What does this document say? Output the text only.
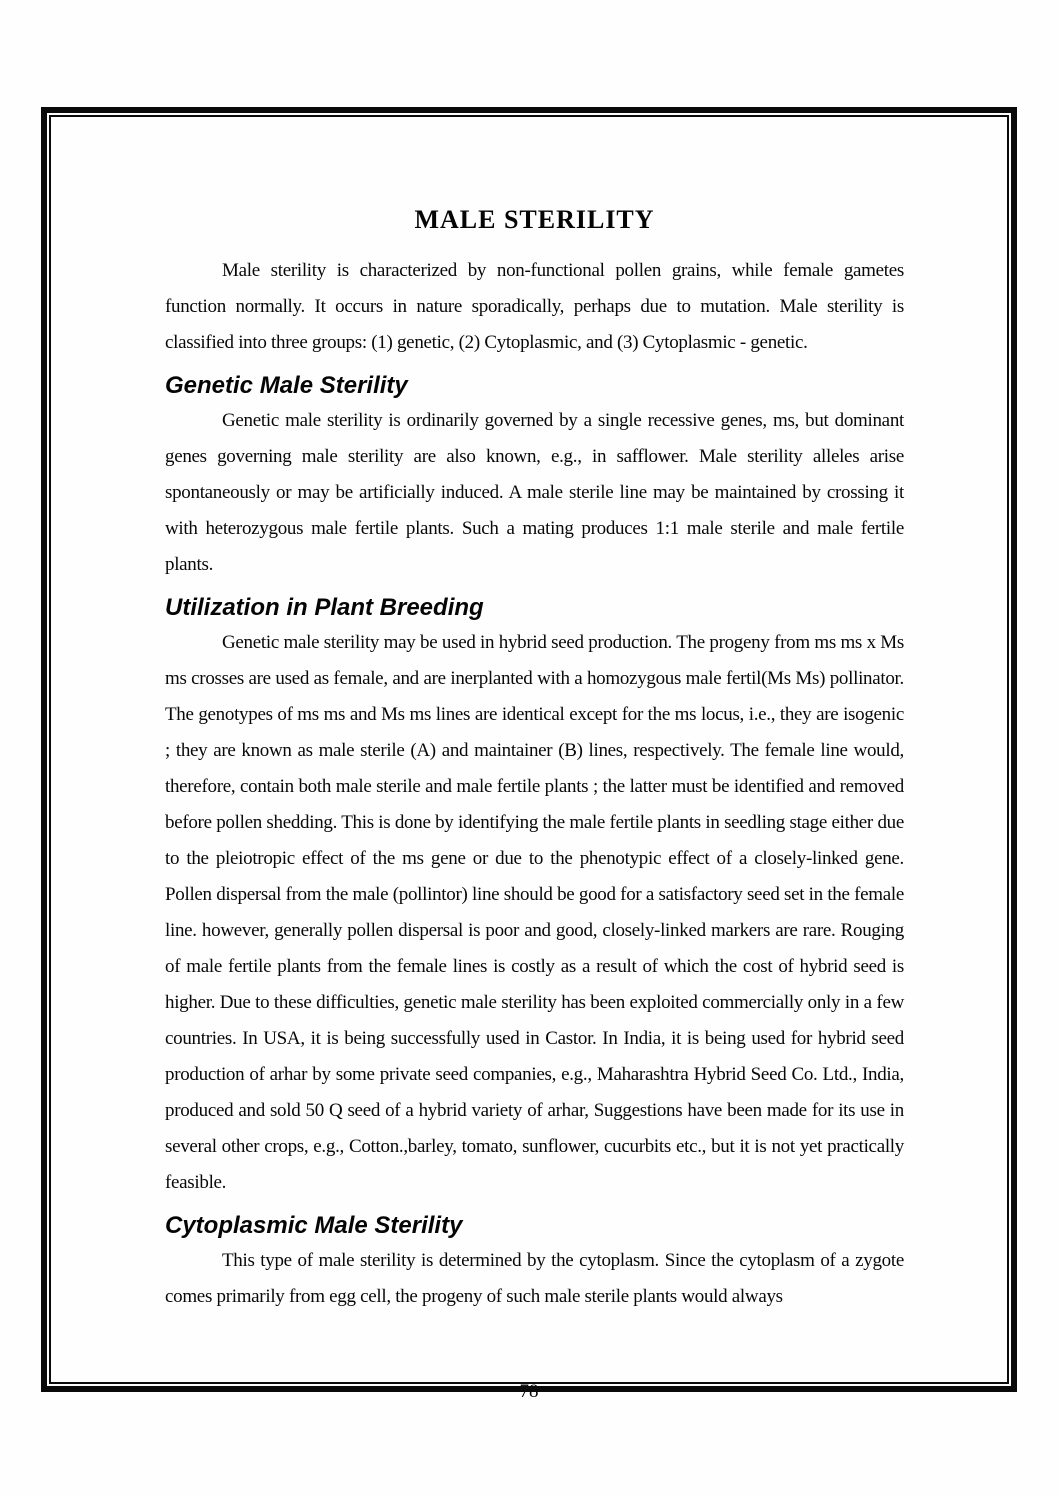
78
MALE STERILITY

Male sterility is characterized by non-functional pollen grains, while female gametes function normally. It occurs in nature sporadically, perhaps due to mutation. Male sterility is classified into three groups: (1) genetic, (2) Cytoplasmic, and (3) Cytoplasmic - genetic.

Genetic Male Sterility

Genetic male sterility is ordinarily governed by a single recessive genes, ms, but dominant genes governing male sterility are also known, e.g., in safflower. Male sterility alleles arise spontaneously or may be artificially induced. A male sterile line may be maintained by crossing it with heterozygous male fertile plants. Such a mating produces 1:1 male sterile and male fertile plants.

Utilization in Plant Breeding

Genetic male sterility may be used in hybrid seed production. The progeny from ms ms x Ms ms crosses are used as female, and are inerplanted with a homozygous male fertil(Ms Ms) pollinator. The genotypes of ms ms and Ms ms lines are identical except for the ms locus, i.e., they are isogenic ; they are known as male sterile (A) and maintainer (B) lines, respectively. The female line would, therefore, contain both male sterile and male fertile plants ; the latter must be identified and removed before pollen shedding. This is done by identifying the male fertile plants in seedling stage either due to the pleiotropic effect of the ms gene or due to the phenotypic effect of a closely-linked gene. Pollen dispersal from the male (pollintor) line should be good for a satisfactory seed set in the female line. however, generally pollen dispersal is poor and good, closely-linked markers are rare. Rouging of male fertile plants from the female lines is costly as a result of which the cost of hybrid seed is higher. Due to these difficulties, genetic male sterility has been exploited commercially only in a few countries. In USA, it is being successfully used in Castor. In India, it is being used for hybrid seed production of arhar by some private seed companies, e.g., Maharashtra Hybrid Seed Co. Ltd., India, produced and sold 50 Q seed of a hybrid variety of arhar, Suggestions have been made for its use in several other crops, e.g., Cotton.,barley, tomato, sunflower, cucurbits etc., but it is not yet practically feasible.

Cytoplasmic Male Sterility

This type of male sterility is determined by the cytoplasm. Since the cytoplasm of a zygote comes primarily from egg cell, the progeny of such male sterile plants would always
